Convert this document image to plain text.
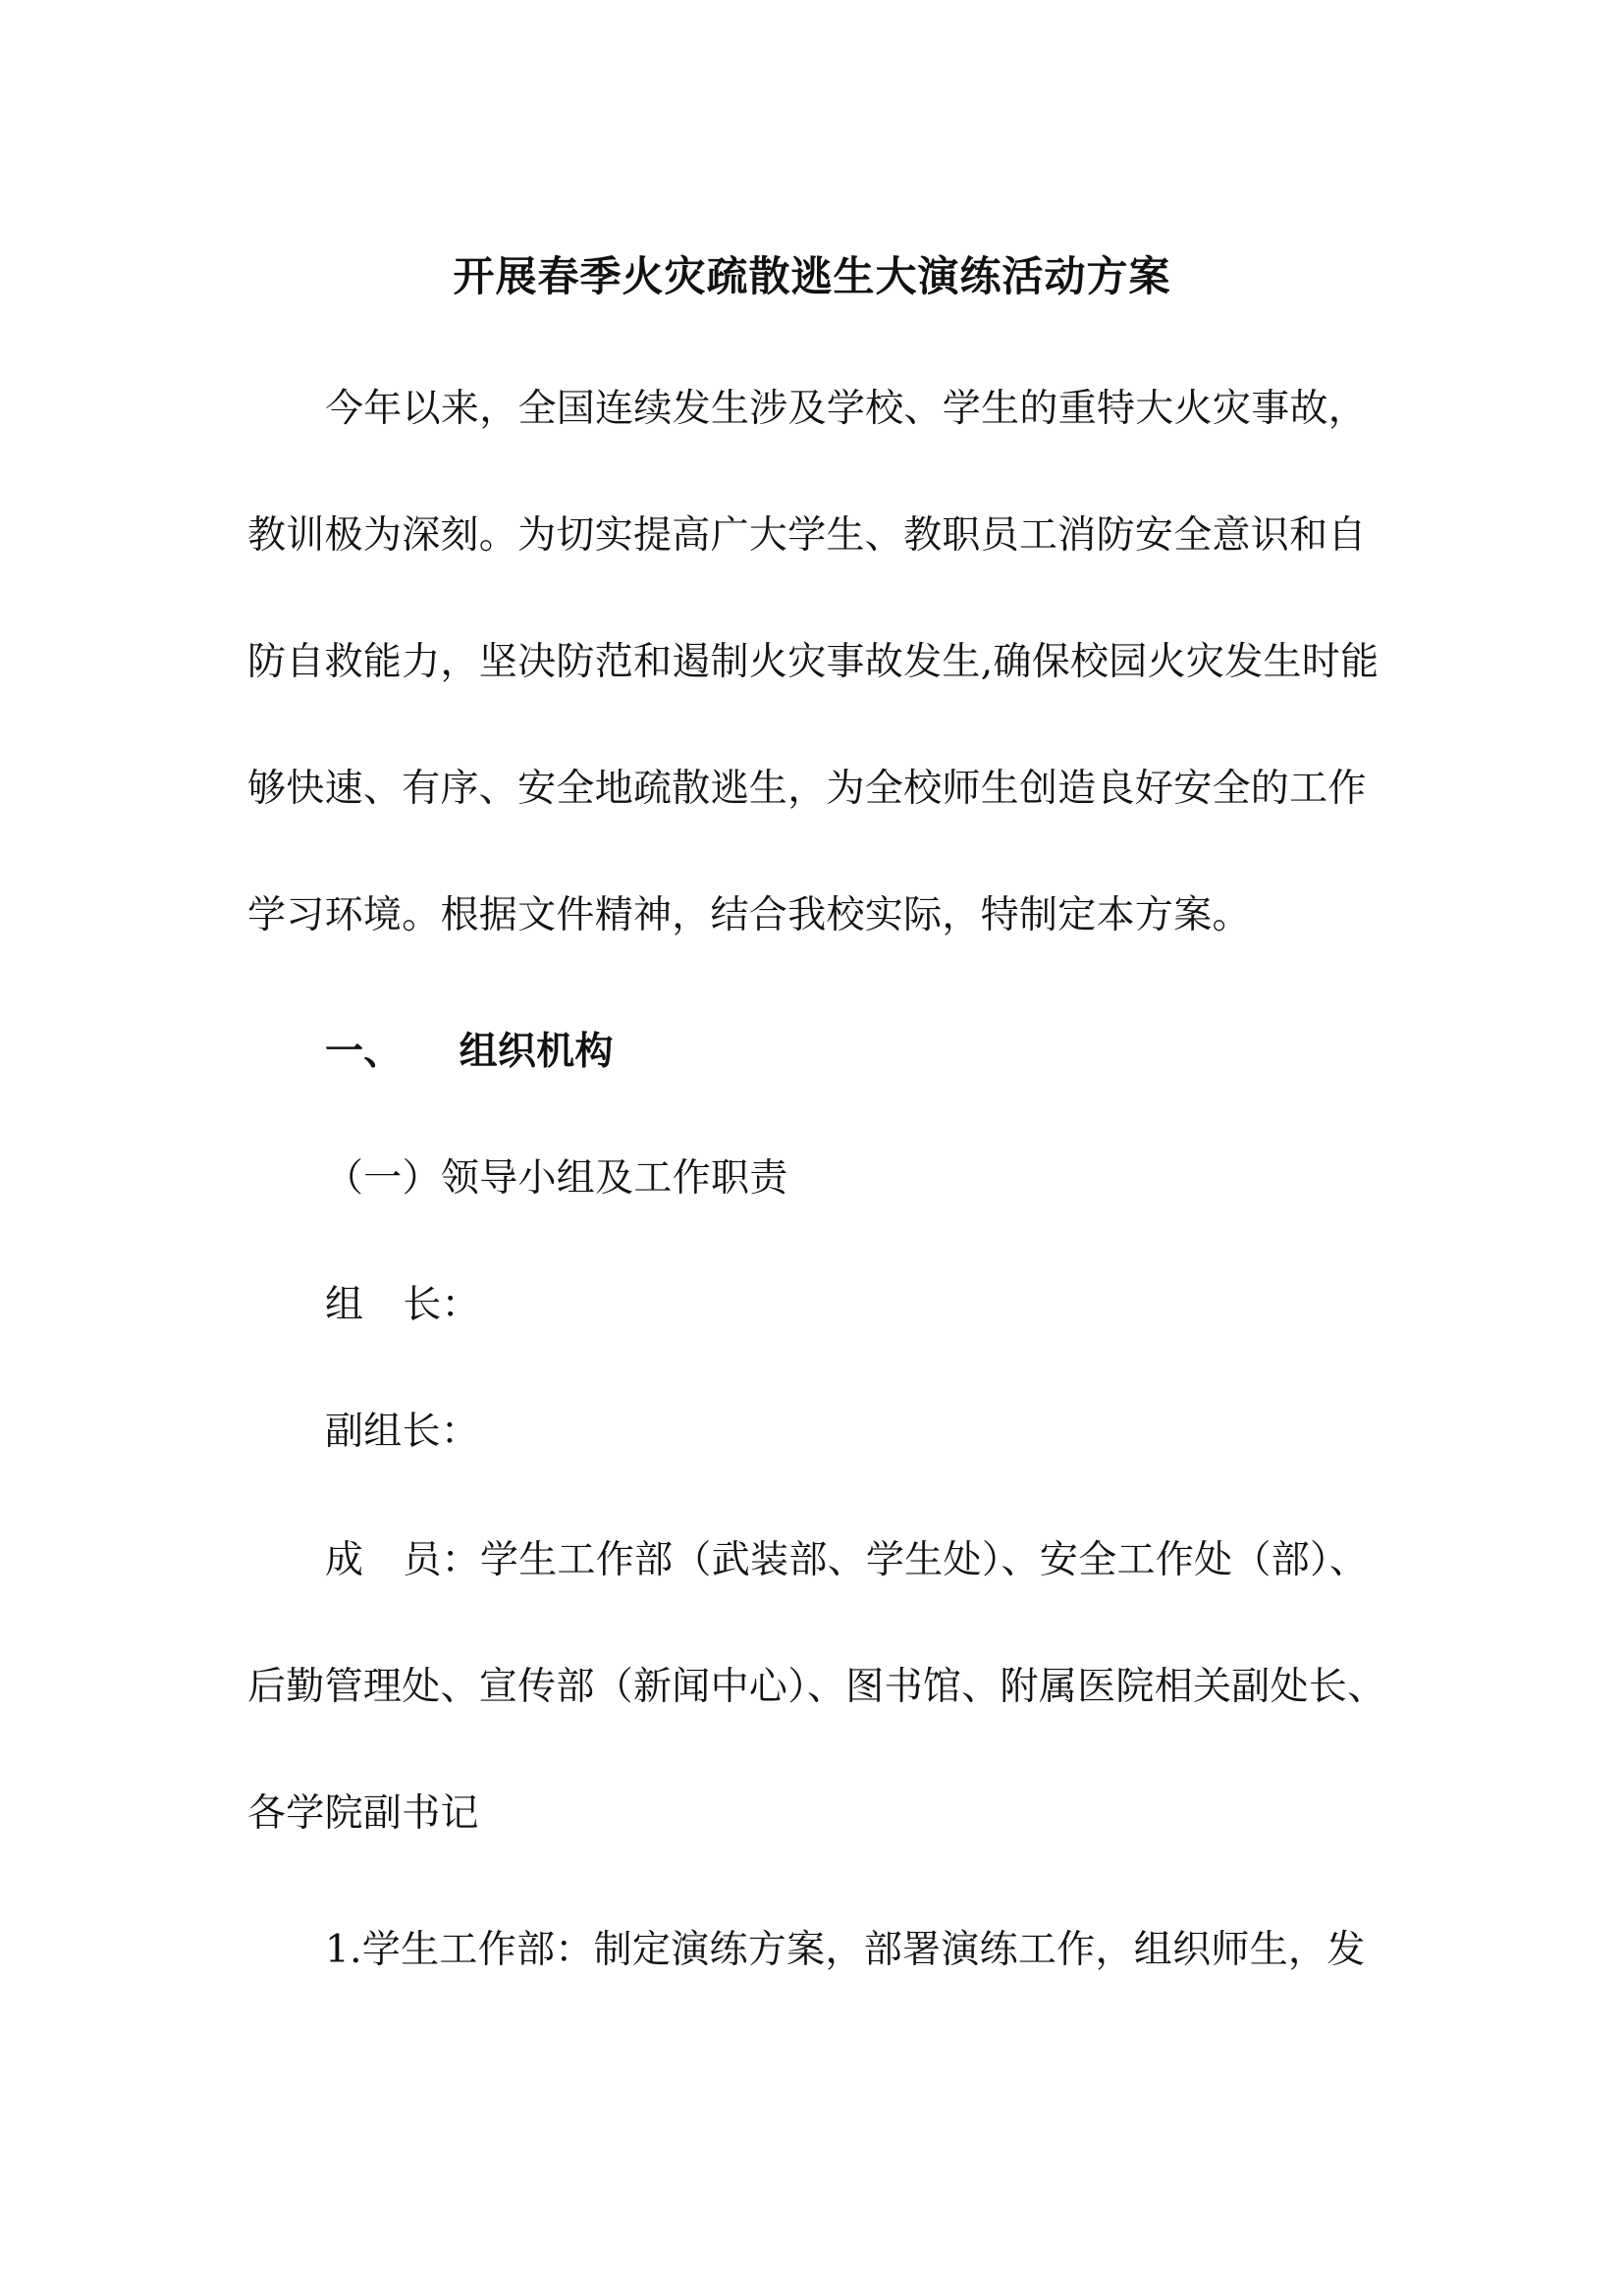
开展春季火灾疏散逃生大演练活动方案
今年以来，全国连续发生涉及学校、学生的重特大火灾事故，
教训极为深刻。为切实提高广大学生、教职员工消防安全意识和自
防自救能力，坚决防范和遏制火灾事故发生,确保校园火灾发生时能
够快速、有序、安全地疏散逃生，为全校师生创造良好安全的工作
学习环境。根据文件精神，结合我校实际，特制定本方案。
一、 组织机构
（一）领导小组及工作职责
组 长：
副组长：
成 员：学生工作部（武装部、学生处）、安全工作处（部）、
后勤管理处、宣传部（新闻中心）、图书馆、附属医院相关副处长、
各学院副书记
1.学生工作部：制定演练方案，部署演练工作，组织师生，发
